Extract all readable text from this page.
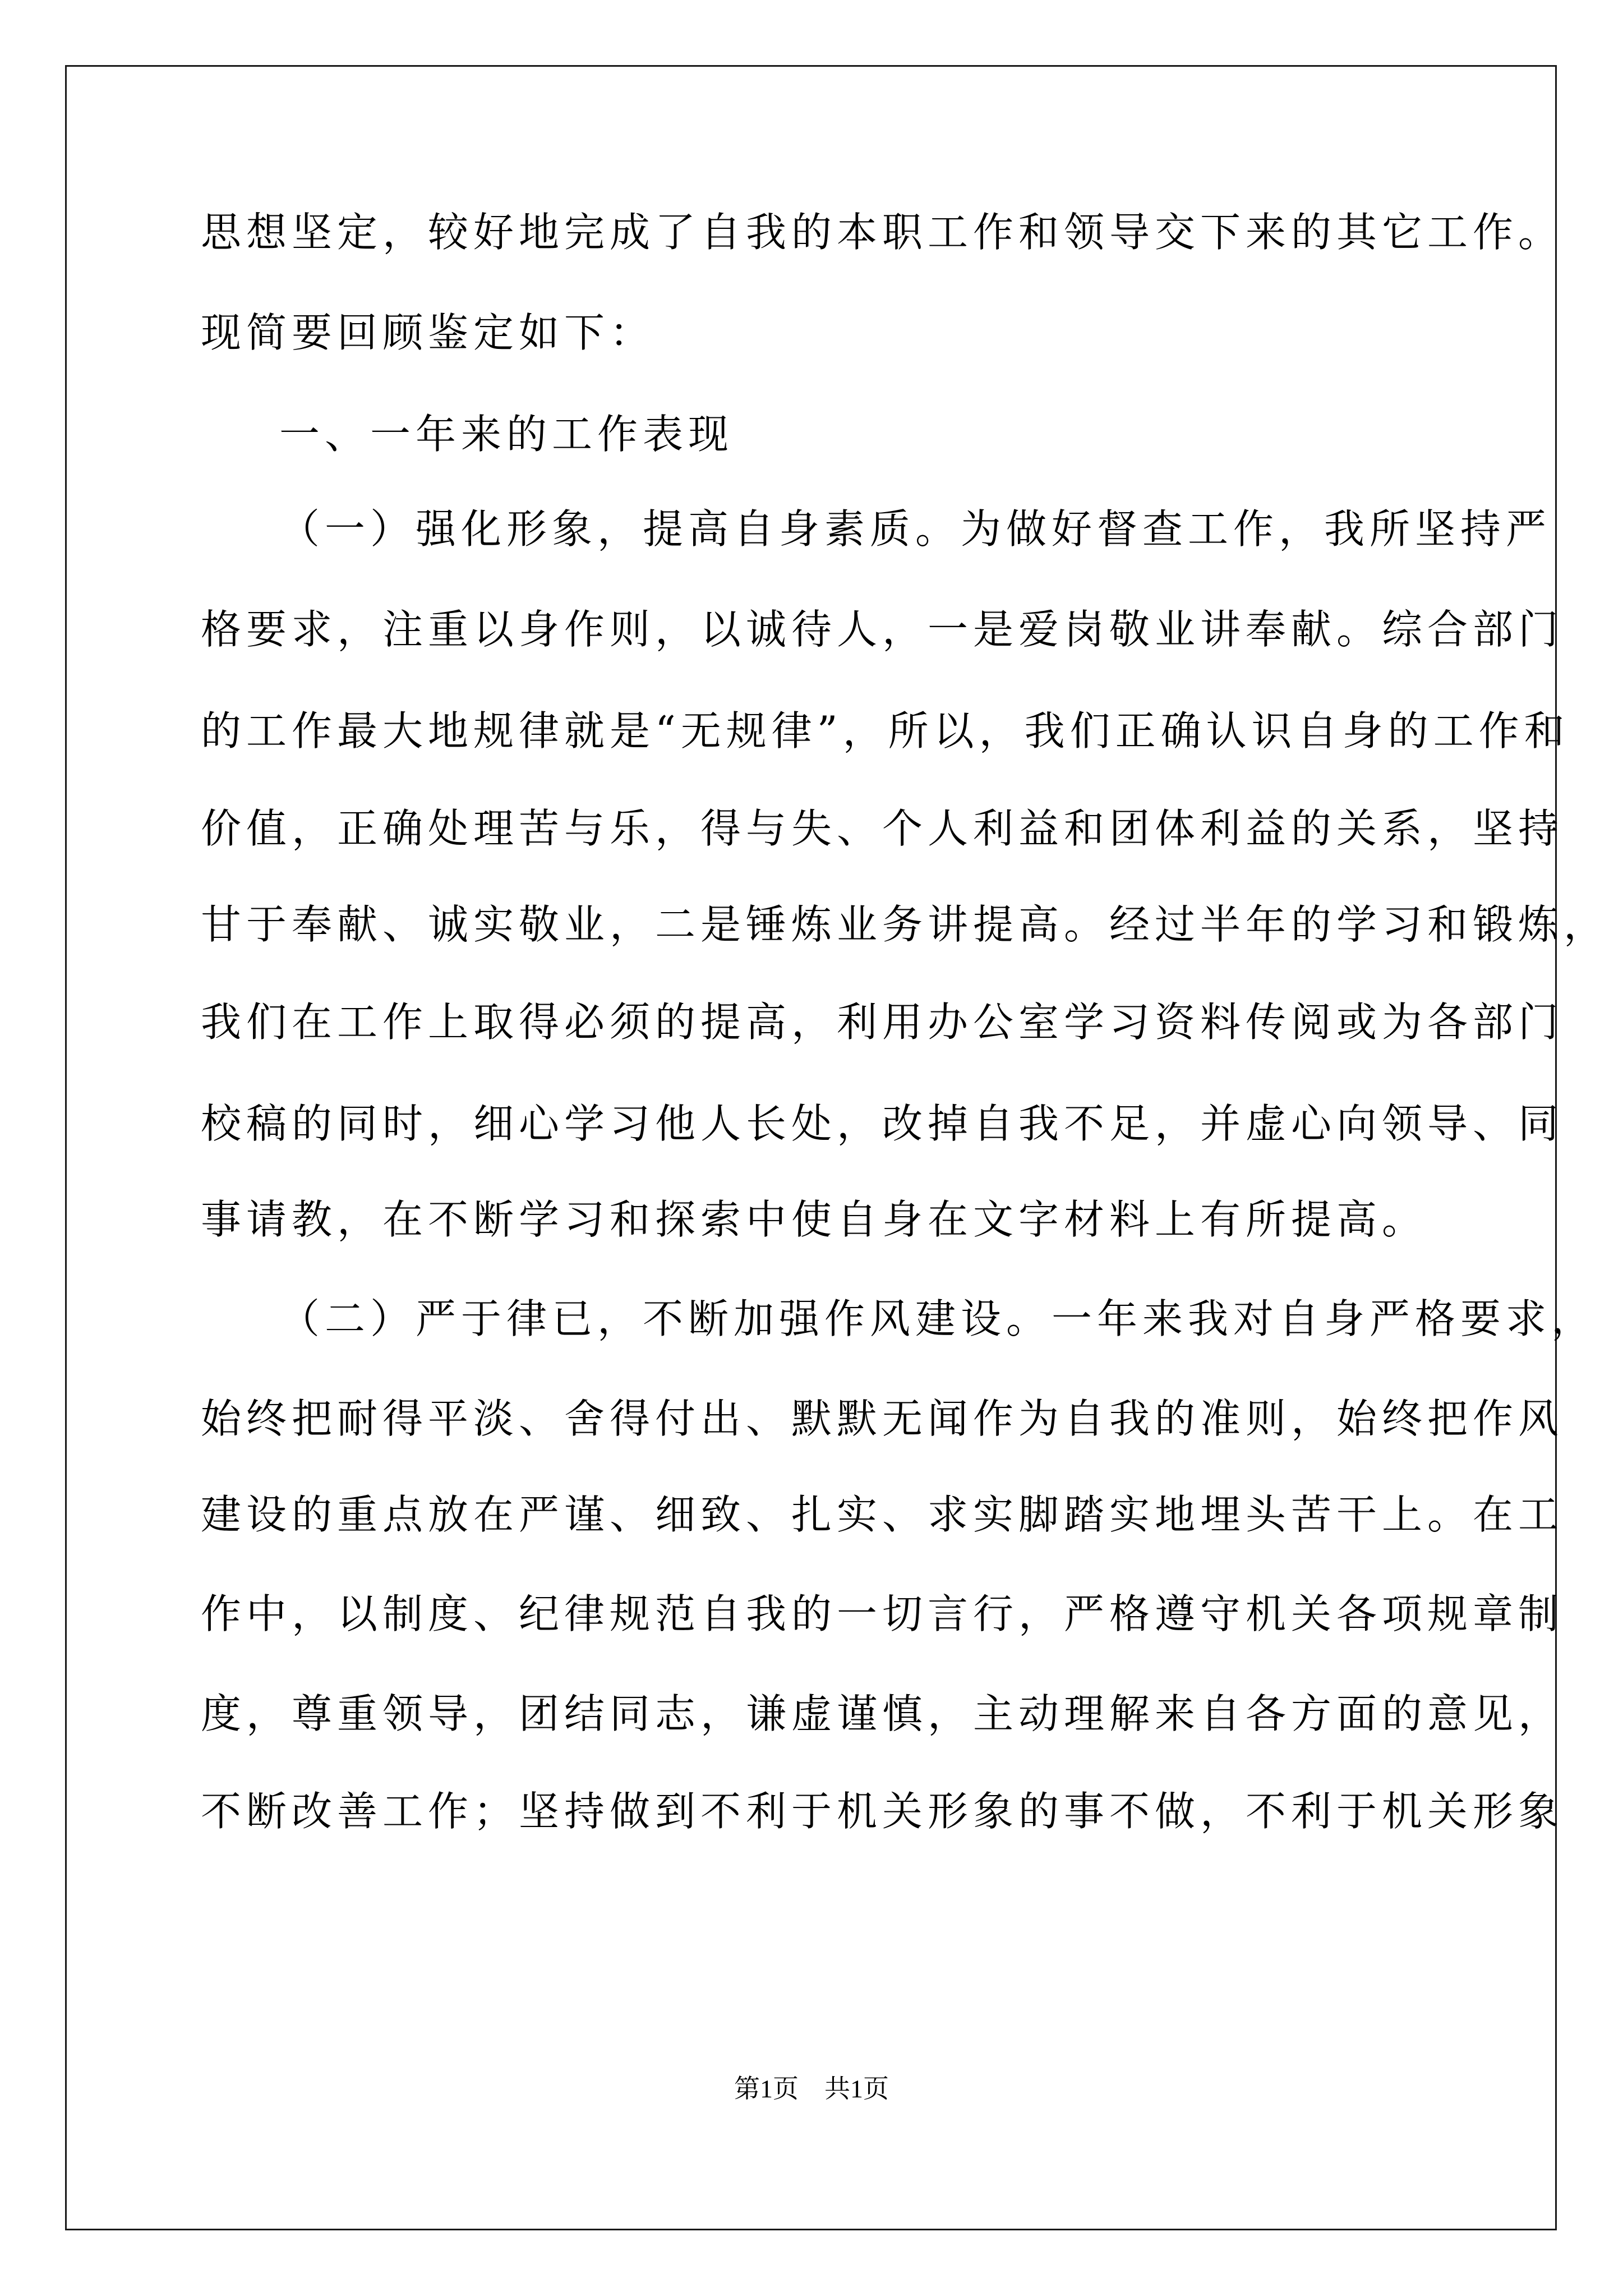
思想坚定，较好地完成了自我的本职工作和领导交下来的其它工作。
现简要回顾鉴定如下：
一、一年来的工作表现
（一）强化形象，提高自身素质。为做好督查工作，我所坚持严
格要求，注重以身作则，以诚待人，一是爱岗敬业讲奉献。综合部门
的工作最大地规律就是“无规律”，所以，我们正确认识自身的工作和
价值，正确处理苦与乐，得与失、个人利益和团体利益的关系，坚持
甘于奉献、诚实敬业，二是锤炼业务讲提高。经过半年的学习和锻炼，
我们在工作上取得必须的提高，利用办公室学习资料传阅或为各部门
校稿的同时，细心学习他人长处，改掉自我不足，并虚心向领导、同
事请教，在不断学习和探索中使自身在文字材料上有所提高。
（二）严于律已，不断加强作风建设。一年来我对自身严格要求，
始终把耐得平淡、舍得付出、默默无闻作为自我的准则，始终把作风
建设的重点放在严谨、细致、扎实、求实脚踏实地埋头苦干上。在工
作中，以制度、纪律规范自我的一切言行，严格遵守机关各项规章制
度，尊重领导，团结同志，谦虚谨慎，主动理解来自各方面的意见，
不断改善工作；坚持做到不利于机关形象的事不做，不利于机关形象
第1页　共1页
